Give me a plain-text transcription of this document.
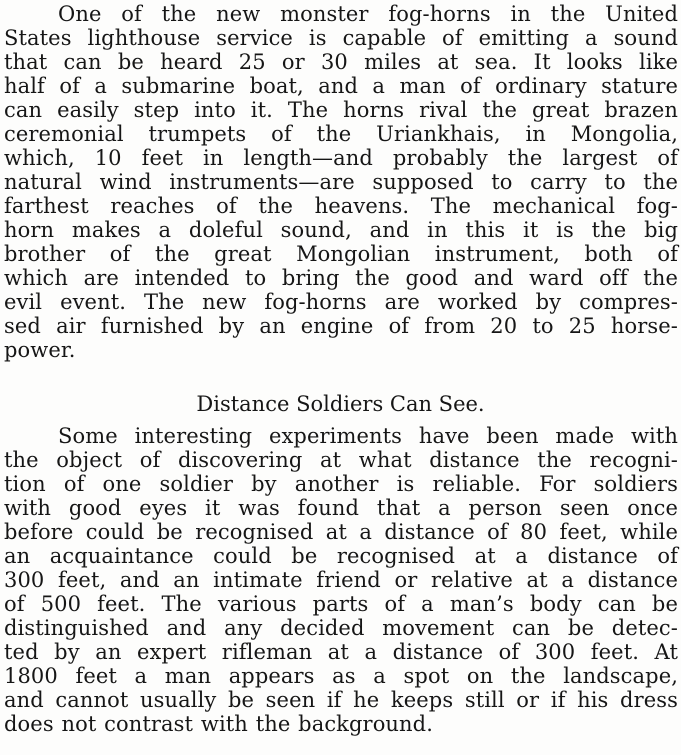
One of the new monster fog-horns in the United
States lighthouse service is capable of emitting a sound
that can be heard 25 or 30 miles at sea. It looks like
half of a submarine boat, and a man of ordinary stature
can easily step into it. The horns rival the great brazen
ceremonial trumpets of the Uriankhais, in Mongolia,
which, 10 feet in length—and probably the largest of
natural wind instruments—are supposed to carry to the
farthest reaches of the heavens. The mechanical fog-
horn makes a doleful sound, and in this it is the big
brother of the great Mongolian instrument, both of
which are intended to bring the good and ward off the
evil event. The new fog-horns are worked by compres-
sed air furnished by an engine of from 20 to 25 horse-
power.
Distance Soldiers Can See.
Some interesting experiments have been made with
the object of discovering at what distance the recogni-
tion of one soldier by another is reliable. For soldiers
with good eyes it was found that a person seen once
before could be recognised at a distance of 80 feet, while
an acquaintance could be recognised at a distance of
300 feet, and an intimate friend or relative at a distance
of 500 feet. The various parts of a man’s body can be
distinguished and any decided movement can be detec-
ted by an expert rifleman at a distance of 300 feet. At
1800 feet a man appears as a spot on the landscape,
and cannot usually be seen if he keeps still or if his dress
does not contrast with the background.
